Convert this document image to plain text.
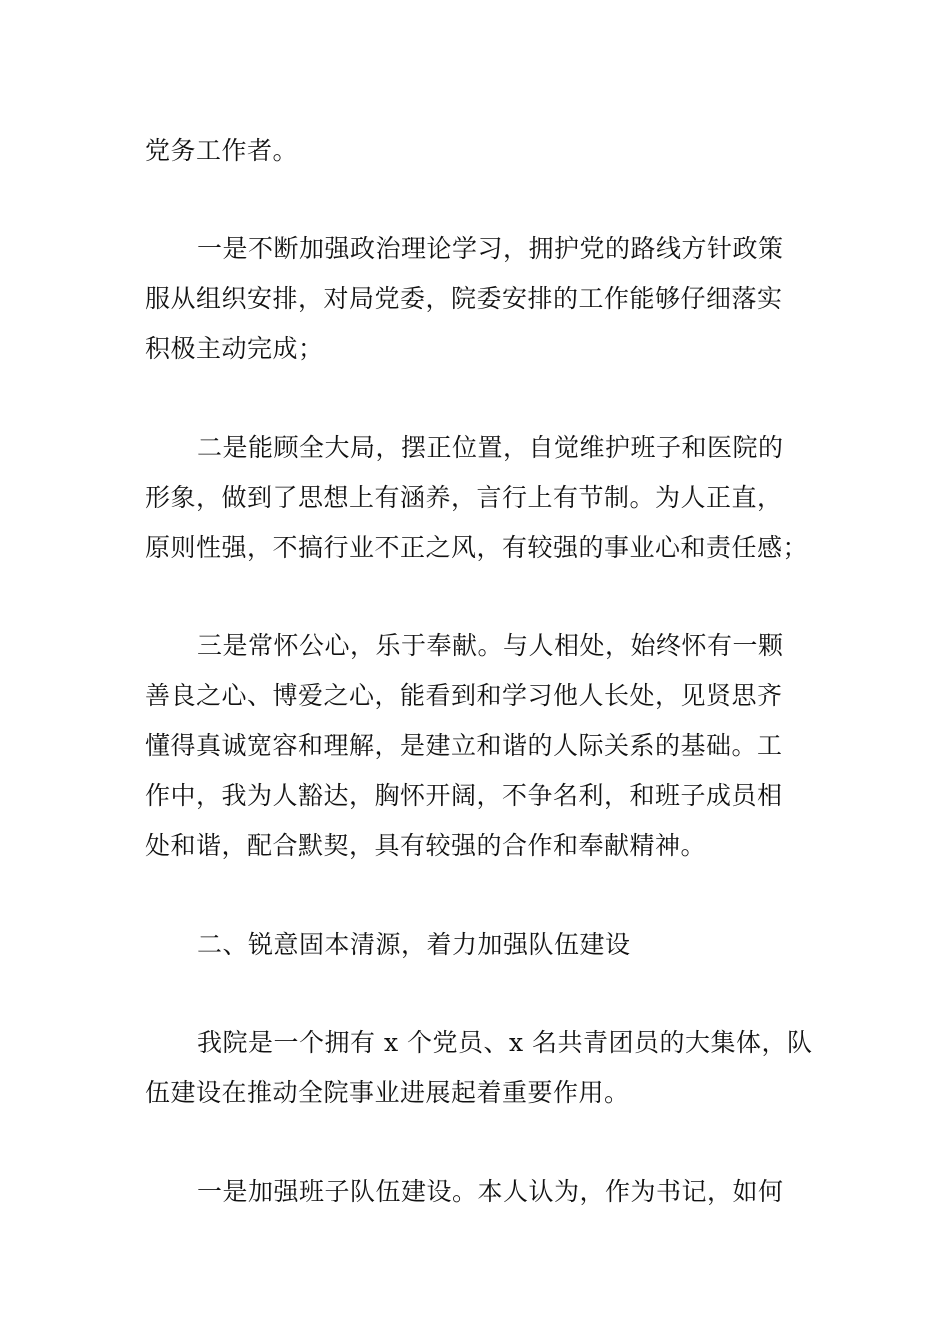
党务工作者。
一是不断加强政治理论学习，拥护党的路线方针政策
服从组织安排，对局党委，院委安排的工作能够仔细落实
积极主动完成；
二是能顾全大局，摆正位置，自觉维护班子和医院的
形象，做到了思想上有涵养，言行上有节制。为人正直，
原则性强，不搞行业不正之风，有较强的事业心和责任感；
三是常怀公心，乐于奉献。与人相处，始终怀有一颗
善良之心、博爱之心，能看到和学习他人长处，见贤思齐
懂得真诚宽容和理解，是建立和谐的人际关系的基础。工
作中，我为人豁达，胸怀开阔，不争名利，和班子成员相
处和谐，配合默契，具有较强的合作和奉献精神。
二、锐意固本清源，着力加强队伍建设
我院是一个拥有 x 个党员、x 名共青团员的大集体，队
伍建设在推动全院事业进展起着重要作用。
一是加强班子队伍建设。本人认为，作为书记，如何
